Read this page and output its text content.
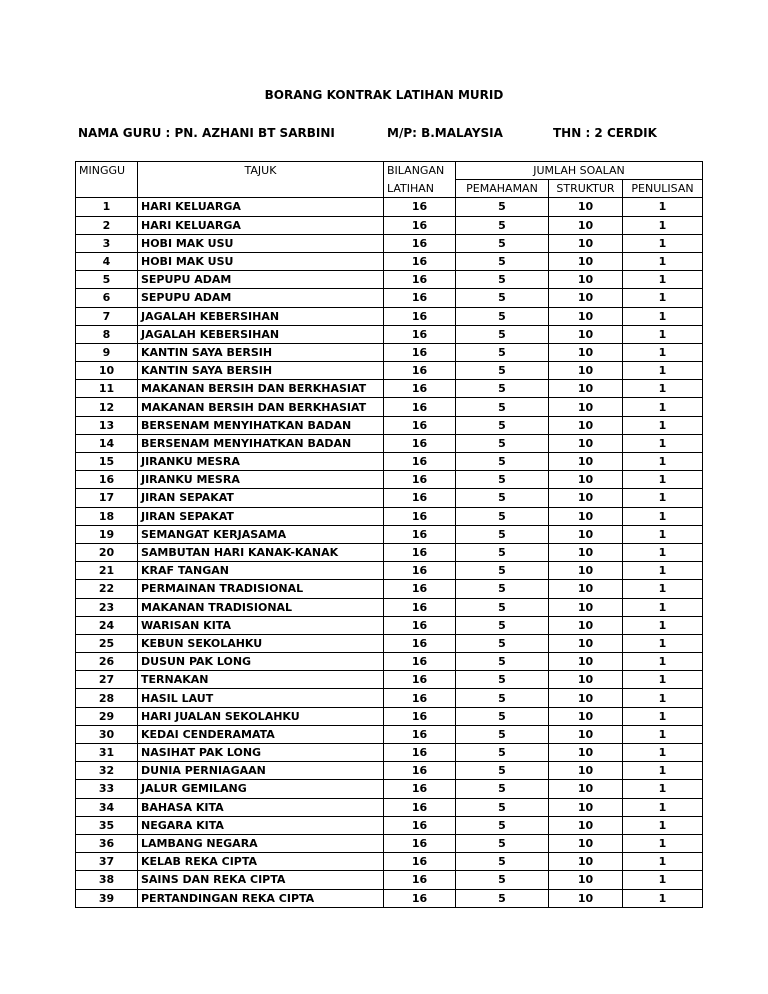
BORANG KONTRAK LATIHAN MURID
NAMA GURU : PN. AZHANI BT SARBINI	M/P: B.MALAYSIA	THN : 2 CERDIK
MINGGU	TAJUK	BILANGAN	JUMLAH SOALAN		
		LATIHAN	PEMAHAMAN	STRUKTUR	PENULISAN
1	HARI KELUARGA	16	5	10	1
2	HARI KELUARGA	16	5	10	1
3	HOBI MAK USU	16	5	10	1
4	HOBI MAK USU	16	5	10	1
5	SEPUPU ADAM	16	5	10	1
6	SEPUPU ADAM	16	5	10	1
7	JAGALAH KEBERSIHAN	16	5	10	1
8	JAGALAH KEBERSIHAN	16	5	10	1
9	KANTIN SAYA BERSIH	16	5	10	1
10	KANTIN SAYA BERSIH	16	5	10	1
11	MAKANAN BERSIH DAN BERKHASIAT	16	5	10	1
12	MAKANAN BERSIH DAN BERKHASIAT	16	5	10	1
13	BERSENAM MENYIHATKAN BADAN	16	5	10	1
14	BERSENAM MENYIHATKAN BADAN	16	5	10	1
15	JIRANKU MESRA	16	5	10	1
16	JIRANKU MESRA	16	5	10	1
17	JIRAN SEPAKAT	16	5	10	1
18	JIRAN SEPAKAT	16	5	10	1
19	SEMANGAT KERJASAMA	16	5	10	1
20	SAMBUTAN HARI KANAK-KANAK	16	5	10	1
21	KRAF TANGAN	16	5	10	1
22	PERMAINAN TRADISIONAL	16	5	10	1
23	MAKANAN TRADISIONAL	16	5	10	1
24	WARISAN KITA	16	5	10	1
25	KEBUN SEKOLAHKU	16	5	10	1
26	DUSUN PAK LONG	16	5	10	1
27	TERNAKAN	16	5	10	1
28	HASIL LAUT	16	5	10	1
29	HARI JUALAN SEKOLAHKU	16	5	10	1
30	KEDAI CENDERAMATA	16	5	10	1
31	NASIHAT PAK LONG	16	5	10	1
32	DUNIA PERNIAGAAN	16	5	10	1
33	JALUR GEMILANG	16	5	10	1
34	BAHASA KITA	16	5	10	1
35	NEGARA KITA	16	5	10	1
36	LAMBANG NEGARA	16	5	10	1
37	KELAB REKA CIPTA	16	5	10	1
38	SAINS DAN REKA CIPTA	16	5	10	1
39	PERTANDINGAN REKA CIPTA	16	5	10	1
